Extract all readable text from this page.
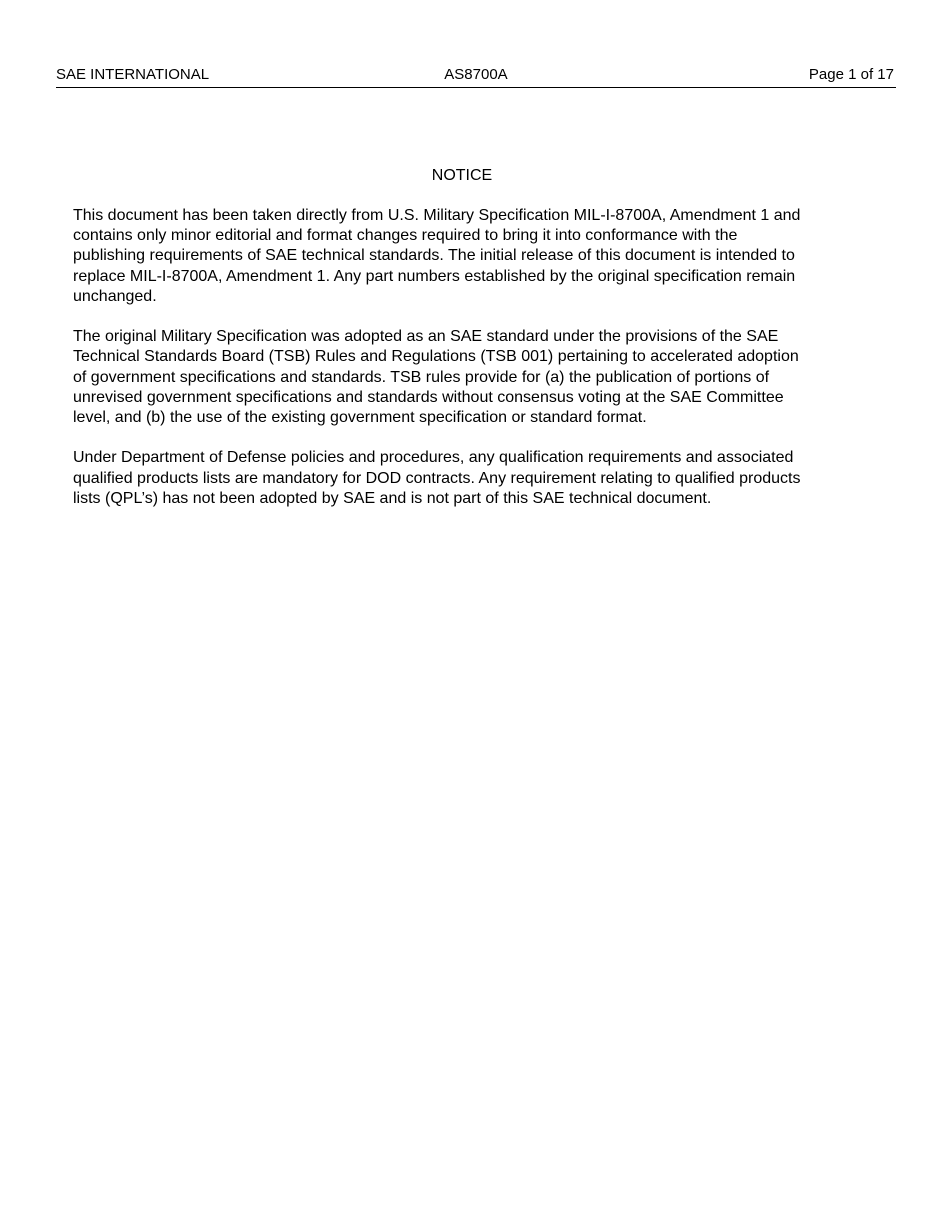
SAE INTERNATIONAL	AS8700A	Page 1 of 17
NOTICE

This document has been taken directly from U.S. Military Specification MIL-I-8700A, Amendment 1 and
contains only minor editorial and format changes required to bring it into conformance with the
publishing requirements of SAE technical standards. The initial release of this document is intended to
replace MIL-I-8700A, Amendment 1. Any part numbers established by the original specification remain
unchanged.

The original Military Specification was adopted as an SAE standard under the provisions of the SAE
Technical Standards Board (TSB) Rules and Regulations (TSB 001) pertaining to accelerated adoption
of government specifications and standards. TSB rules provide for (a) the publication of portions of
unrevised government specifications and standards without consensus voting at the SAE Committee
level, and (b) the use of the existing government specification or standard format.

Under Department of Defense policies and procedures, any qualification requirements and associated
qualified products lists are mandatory for DOD contracts. Any requirement relating to qualified products
lists (QPL’s) has not been adopted by SAE and is not part of this SAE technical document.
